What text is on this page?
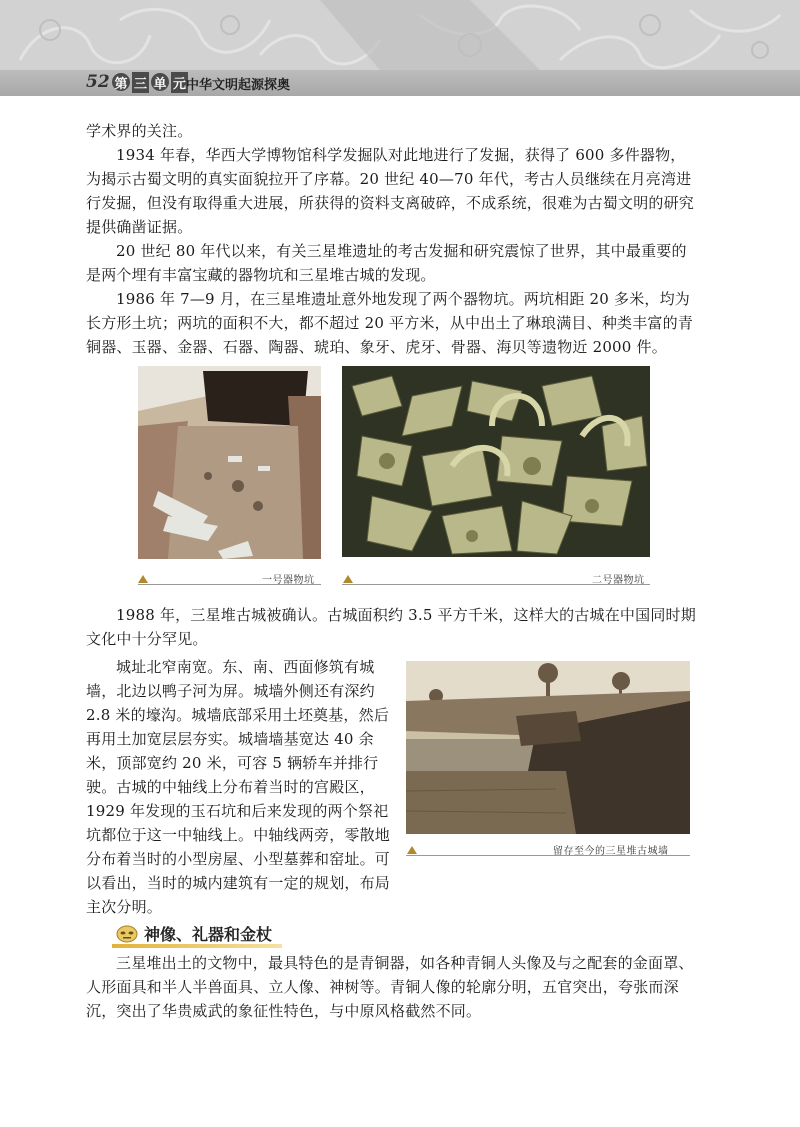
52 第 三 单 元 中华文明起源探奥

学术界的关注。

1934 年春，华西大学博物馆科学发掘队对此地进行了发掘，获得了 600 多件器物，为揭示古蜀文明的真实面貌拉开了序幕。20 世纪 40—70 年代，考古人员继续在月亮湾进行发掘，但没有取得重大进展，所获得的资料支离破碎，不成系统，很难为古蜀文明的研究提供确凿证据。

20 世纪 80 年代以来，有关三星堆遗址的考古发掘和研究震惊了世界，其中最重要的是两个埋有丰富宝藏的器物坑和三星堆古城的发现。

1986 年 7—9 月，在三星堆遗址意外地发现了两个器物坑。两坑相距 20 多米，均为长方形土坑；两坑的面积不大，都不超过 20 平方米，从中出土了琳琅满目、种类丰富的青铜器、玉器、金器、石器、陶器、琥珀、象牙、虎牙、骨器、海贝等遗物近 2000 件。

一号器物坑	二号器物坑

1988 年，三星堆古城被确认。古城面积约 3.5 平方千米，这样大的古城在中国同时期文化中十分罕见。

城址北窄南宽。东、南、西面修筑有城墙，北边以鸭子河为屏。城墙外侧还有深约 2.8 米的壕沟。城墙底部采用土坯奠基，然后再用土加宽层层夯实。城墙墙基宽达 40 余米，顶部宽约 20 米，可容 5 辆轿车并排行驶。古城的中轴线上分布着当时的宫殿区，1929 年发现的玉石坑和后来发现的两个祭祀坑都位于这一中轴线上。中轴线两旁，零散地分布着当时的小型房屋、小型墓葬和窑址。可以看出，当时的城内建筑有一定的规划，布局主次分明。

留存至今的三星堆古城墙
神像、礼器和金杖

三星堆出土的文物中，最具特色的是青铜器，如各种青铜人头像及与之配套的金面罩、人形面具和半人半兽面具、立人像、神树等。青铜人像的轮廓分明，五官突出，夸张而深沉，突出了华贵威武的象征性特色，与中原风格截然不同。
